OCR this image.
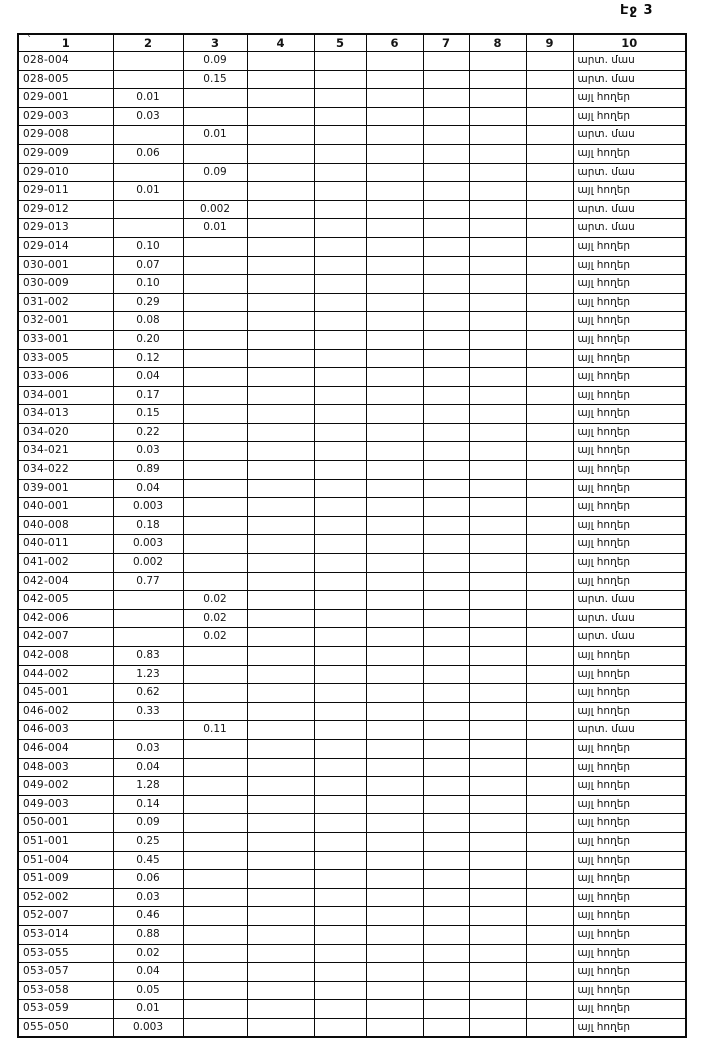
Էջ 3
` 1	2	3	4	5	6	7	8	9	10
028-004		0.09							արտ. մաս
028-005		0.15							արտ. մաս
029-001	0.01								այլ հողեր
029-003	0.03								այլ հողեր
029-008		0.01							արտ. մաս
029-009	0.06								այլ հողեր
029-010		0.09							արտ. մաս
029-011	0.01								այլ հողեր
029-012		0.002							արտ. մաս
029-013		0.01							արտ. մաս
029-014	0.10								այլ հողեր
030-001	0.07								այլ հողեր
030-009	0.10								այլ հողեր
031-002	0.29								այլ հողեր
032-001	0.08								այլ հողեր
033-001	0.20								այլ հողեր
033-005	0.12								այլ հողեր
033-006	0.04								այլ հողեր
034-001	0.17								այլ հողեր
034-013	0.15								այլ հողեր
034-020	0.22								այլ հողեր
034-021	0.03								այլ հողեր
034-022	0.89								այլ հողեր
039-001	0.04								այլ հողեր
040-001	0.003								այլ հողեր
040-008	0.18								այլ հողեր
040-011	0.003								այլ հողեր
041-002	0.002								այլ հողեր
042-004	0.77								այլ հողեր
042-005		0.02							արտ. մաս
042-006		0.02							արտ. մաս
042-007		0.02							արտ. մաս
042-008	0.83								այլ հողեր
044-002	1.23								այլ հողեր
045-001	0.62								այլ հողեր
046-002	0.33								այլ հողեր
046-003		0.11							արտ. մաս
046-004	0.03								այլ հողեր
048-003	0.04								այլ հողեր
049-002	1.28								այլ հողեր
049-003	0.14								այլ հողեր
050-001	0.09								այլ հողեր
051-001	0.25								այլ հողեր
051-004	0.45								այլ հողեր
051-009	0.06								այլ հողեր
052-002	0.03								այլ հողեր
052-007	0.46								այլ հողեր
053-014	0.88								այլ հողեր
053-055	0.02								այլ հողեր
053-057	0.04								այլ հողեր
053-058	0.05								այլ հողեր
053-059	0.01								այլ հողեր
055-050	0.003								այլ հողեր
